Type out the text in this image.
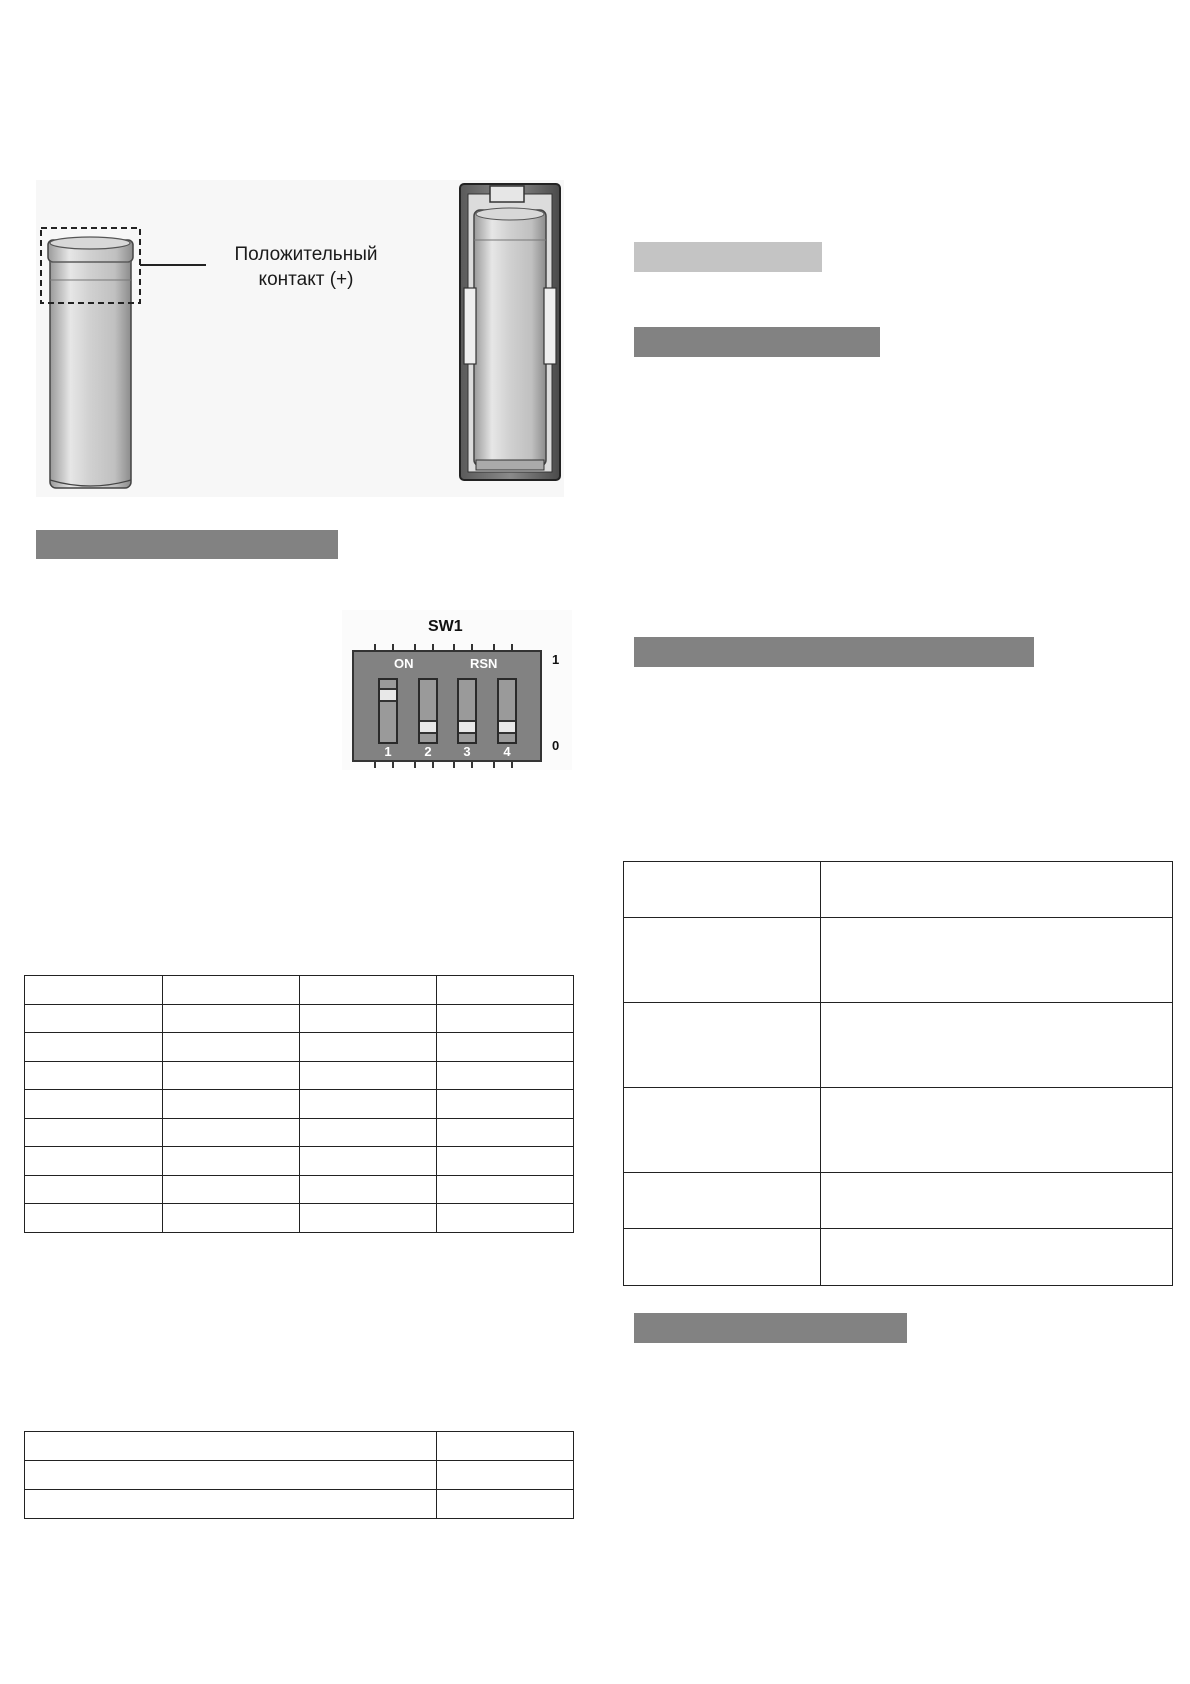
Положительный
контакт (+)
SW1
ON	RSN
1	2	3	4
1
0
